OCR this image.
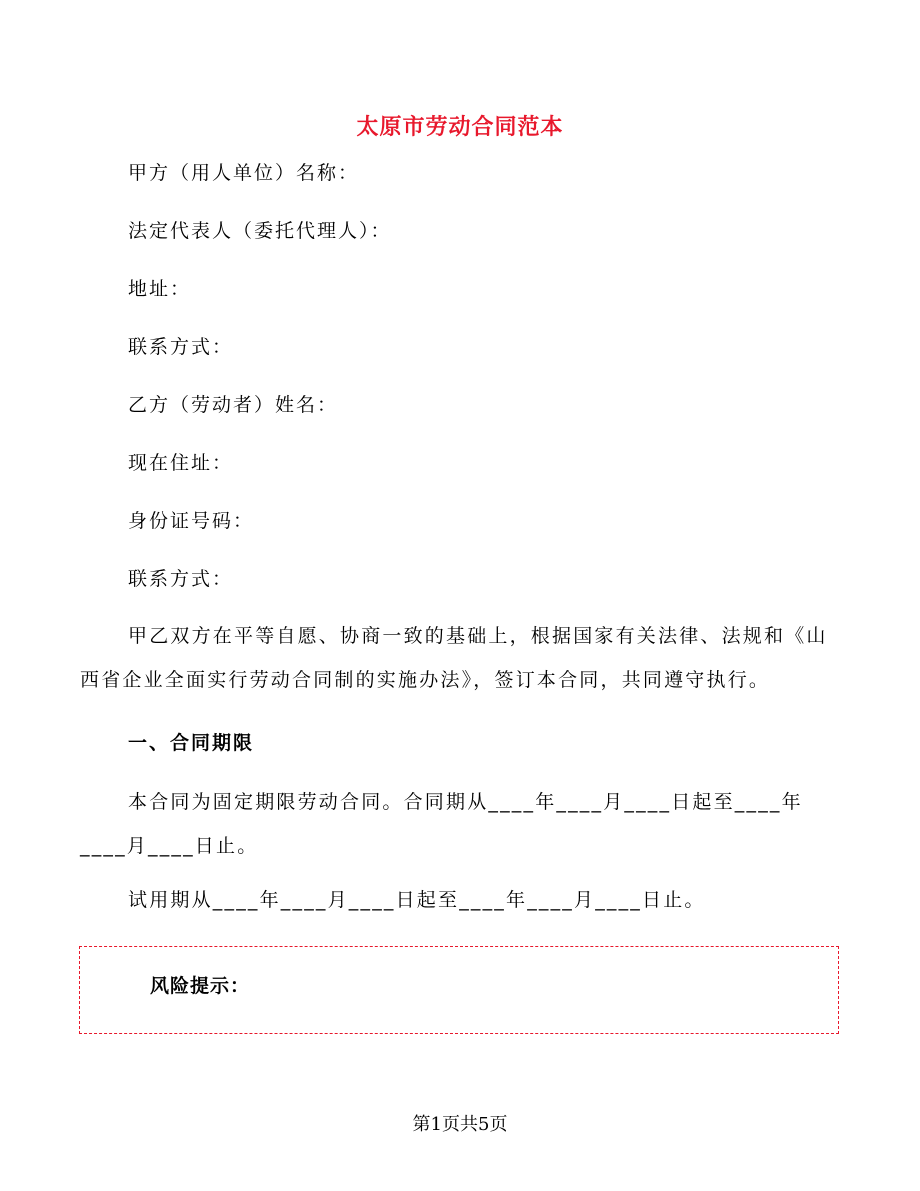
太原市劳动合同范本
甲方（用人单位）名称：
法定代表人（委托代理人）：
地址：
联系方式：
乙方（劳动者）姓名：
现在住址：
身份证号码：
联系方式：
甲乙双方在平等自愿、协商一致的基础上，根据国家有关法律、法规和《山西省企业全面实行劳动合同制的实施办法》，签订本合同，共同遵守执行。
一、合同期限
本合同为固定期限劳动合同。合同期从____年____月____日起至____年____月____日止。
试用期从____年____月____日起至____年____月____日止。
风险提示：
第1页共5页
